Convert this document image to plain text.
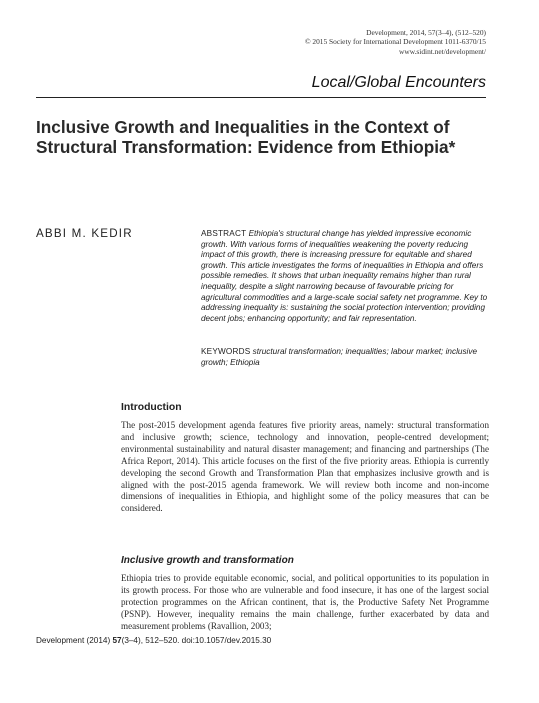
Development, 2014, 57(3–4), (512–520)
© 2015 Society for International Development 1011-6370/15
www.sidint.net/development/
Local/Global Encounters
Inclusive Growth and Inequalities in the Context of Structural Transformation: Evidence from Ethiopia*
ABBI M. KEDIR	ABSTRACT Ethiopia's structural change has yielded impressive economic growth. With various forms of inequalities weakening the poverty reducing impact of this growth, there is increasing pressure for equitable and shared growth. This article investigates the forms of inequalities in Ethiopia and offers possible remedies. It shows that urban inequality remains higher than rural inequality, despite a slight narrowing because of favourable pricing for agricultural commodities and a large-scale social safety net programme. Key to addressing inequality is: sustaining the social protection intervention; providing decent jobs; enhancing opportunity; and fair representation.
KEYWORDS structural transformation; inequalities; labour market; inclusive growth; Ethiopia
Introduction
The post-2015 development agenda features five priority areas, namely: structural transformation and inclusive growth; science, technology and innovation, people-centred development; environmental sustainability and natural disaster management; and financing and partnerships (The Africa Report, 2014). This article focuses on the first of the five priority areas. Ethiopia is currently developing the second Growth and Transformation Plan that emphasizes inclusive growth and is aligned with the post-2015 agenda framework. We will review both income and non-income dimensions of inequalities in Ethiopia, and highlight some of the policy measures that can be considered.
Inclusive growth and transformation
Ethiopia tries to provide equitable economic, social, and political opportunities to its population in its growth process. For those who are vulnerable and food insecure, it has one of the largest social protection programmes on the African continent, that is, the Productive Safety Net Programme (PSNP). However, inequality remains the main challenge, further exacerbated by data and measurement problems (Ravallion, 2003;
Development (2014) 57(3–4), 512–520. doi:10.1057/dev.2015.30
